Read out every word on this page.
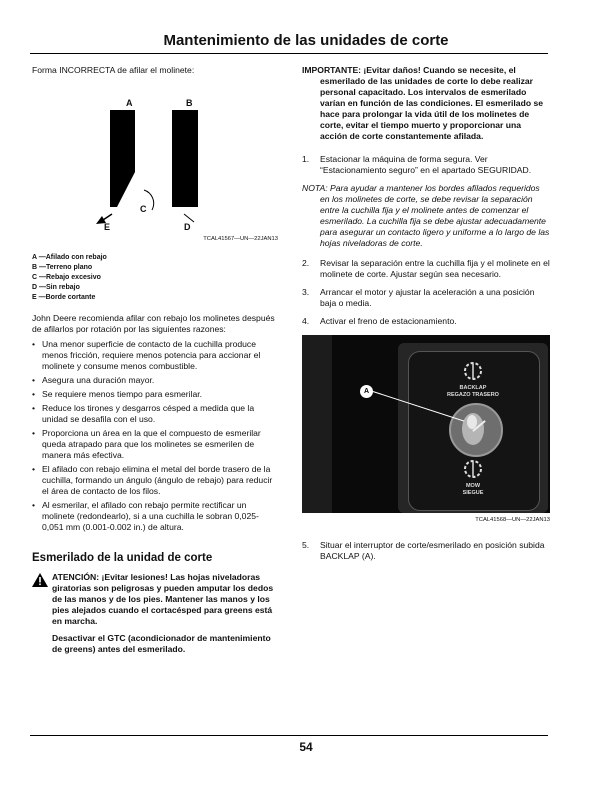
Mantenimiento de las unidades de corte

Forma INCORRECTA de afilar el molinete:

A	B
C
D
E
TCAL41567—UN—22JAN13
A —Afilado con rebajo
B —Terreno plano
C —Rebajo excesivo
D —Sin rebajo
E —Borde cortante

John Deere recomienda afilar con rebajo los molinetes después de afilarlos por rotación por las siguientes razones:

• Una menor superficie de contacto de la cuchilla produce menos fricción, requiere menos potencia para accionar el molinete y consume menos combustible.
• Asegura una duración mayor.
• Se requiere menos tiempo para esmerilar.
• Reduce los tirones y desgarros césped a medida que la unidad se desafila con el uso.
• Proporciona un área en la que el compuesto de esmerilar queda atrapado para que los molinetes se esmerilen de manera más efectiva.
• El afilado con rebajo elimina el metal del borde trasero de la cuchilla, formando un ángulo (ángulo de rebajo) para reducir el área de contacto de los filos.
• Al esmerilar, el afilado con rebajo permite rectificar un molinete (redondearlo), si a una cuchilla le sobran 0,025-0,051 mm (0.001-0.002 in.) de altura.
Esmerilado de la unidad de corte

ATENCIÓN: ¡Evitar lesiones! Las hojas niveladoras giratorias son peligrosas y pueden amputar los dedos de las manos y de los pies. Mantener las manos y los pies alejados cuando el cortacésped para greens está en marcha.

Desactivar el GTC (acondicionador de mantenimiento de greens) antes del esmerilado.

IMPORTANTE: ¡Evitar daños! Cuando se necesite, el esmerilado de las unidades de corte lo debe realizar personal capacitado. Los intervalos de esmerilado varían en función de las condiciones. El esmerilado se hace para prolongar la vida útil de los molinetes de corte, evitar el tiempo muerto y proporcionar una acción de corte constantemente afilada.

1. Estacionar la máquina de forma segura. Ver “Estacionamiento seguro” en el apartado SEGURIDAD.

NOTA: Para ayudar a mantener los bordes afilados requeridos en los molinetes de corte, se debe revisar la separación entre la cuchilla fija y el molinete antes de comenzar el esmerilado. La cuchilla fija se debe ajustar adecuadamente para asegurar un contacto ligero y uniforme a lo largo de las hojas niveladoras de corte.

2. Revisar la separación entre la cuchilla fija y el molinete en el molinete de corte. Ajustar según sea necesario.
3. Arrancar el motor y ajustar la aceleración a una posición baja o media.
4. Activar el freno de estacionamiento.
BACKLAP
REGAZO TRASERO
A
MOW
SIEGUE
TCAL41568—UN—22JAN13
5. Situar el interruptor de corte/esmerilado en posición subida BACKLAP (A).
54
